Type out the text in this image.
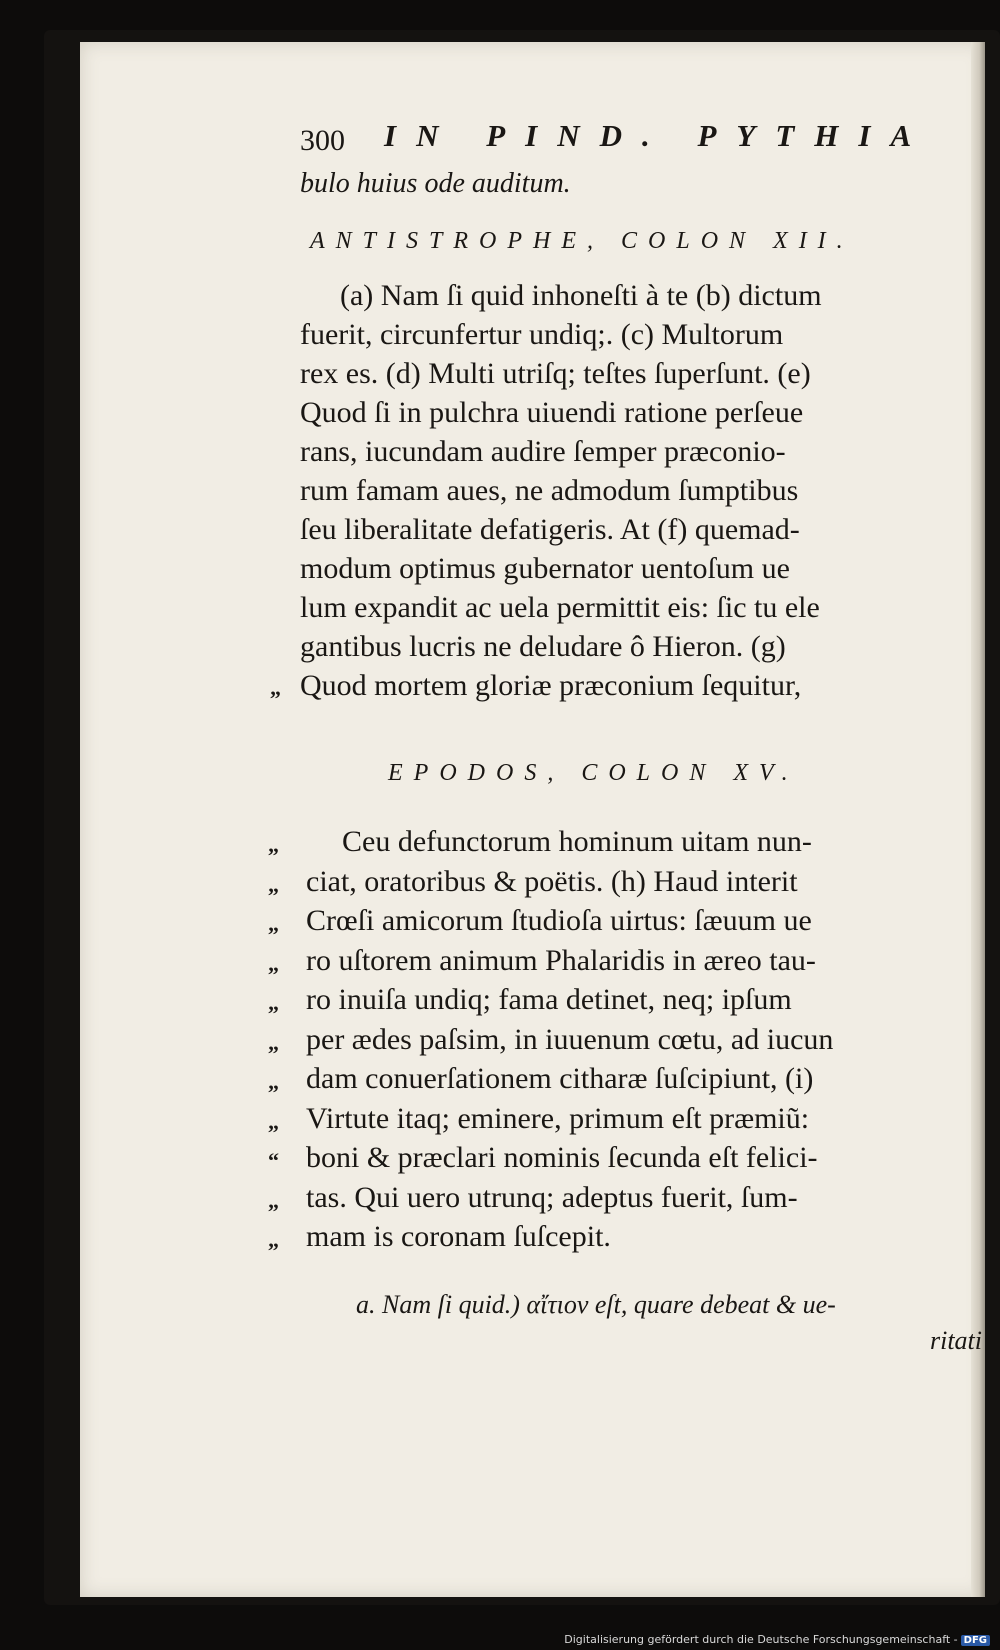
300 IN PIND. PYTHIA
bulo huius ode auditum.
ANTISTROPHE, COLON XII.
(a) Nam ſi quid inhoneſti à te (b) dictum
fuerit, circunfertur undiq;. (c) Multorum
rex es. (d) Multi utriſq; teſtes ſuperſunt. (e)
Quod ſi in pulchra uiuendi ratione perſeue
rans, iucundam audire ſemper præconio-
rum famam aues, ne admodum ſumptibus
ſeu liberalitate defatigeris. At (f) quemad-
modum optimus gubernator uentoſum ue
lum expandit ac uela permittit eis: ſic tu ele
gantibus lucris ne deludare ô Hieron. (g)
„ Quod mortem gloriæ præconium ſequitur,
EPODOS, COLON XV.
„ Ceu defunctorum hominum uitam nun-
„ ciat, oratoribus & poëtis. (h) Haud interit
„ Crœſi amicorum ſtudioſa uirtus: ſæuum ue
„ ro uſtorem animum Phalaridis in æreo tau-
„ ro inuiſa undiq; fama detinet, neq; ipſum
„ per ædes paſsim, in iuuenum cœtu, ad iucun
„ dam conuerſationem citharæ ſuſcipiunt, (i)
„ Virtute itaq; eminere, primum eſt præmiũ:
“ boni & præclari nominis ſecunda eſt felici-
„ tas. Qui uero utrunq; adeptus fuerit, ſum-
„ mam is coronam ſuſcepit.
a. Nam ſi quid.) αἴτιον eſt, quare debeat & ue-
ritati
Digitalisierung gefördert durch die Deutsche Forschungsgemeinschaft - DFG
